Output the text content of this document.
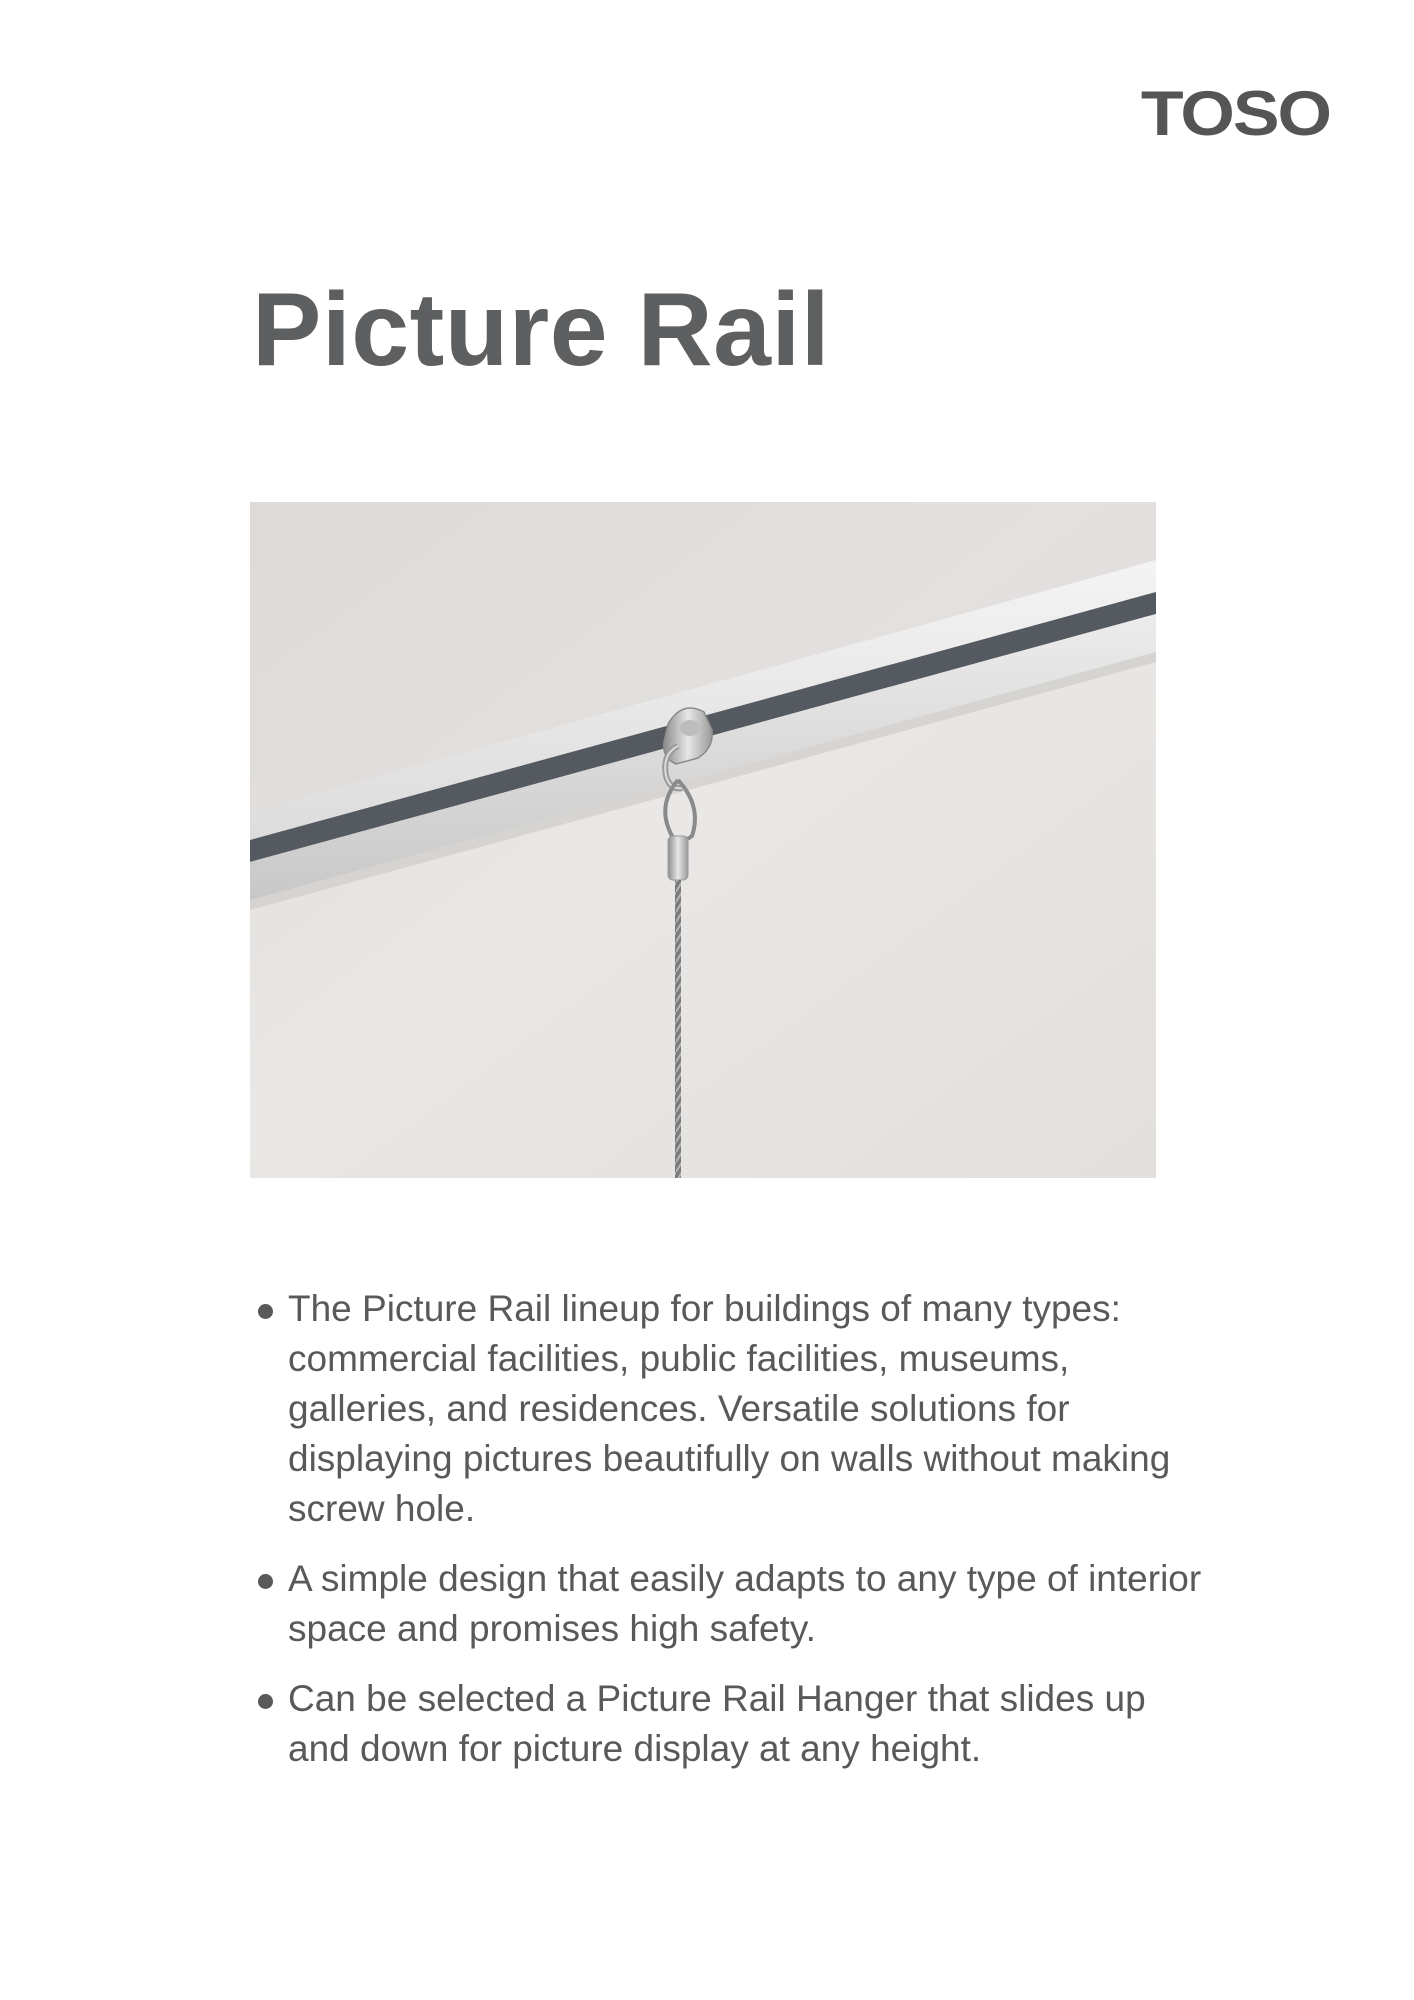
TOSO
Picture Rail
The Picture Rail lineup for buildings of many types: commercial facilities, public facilities, museums, galleries, and residences. Versatile solutions for displaying pictures beautifully on walls without making screw hole.
A simple design that easily adapts to any type of interior space and promises high safety.
Can be selected a Picture Rail Hanger that slides up and down for picture display at any height.
